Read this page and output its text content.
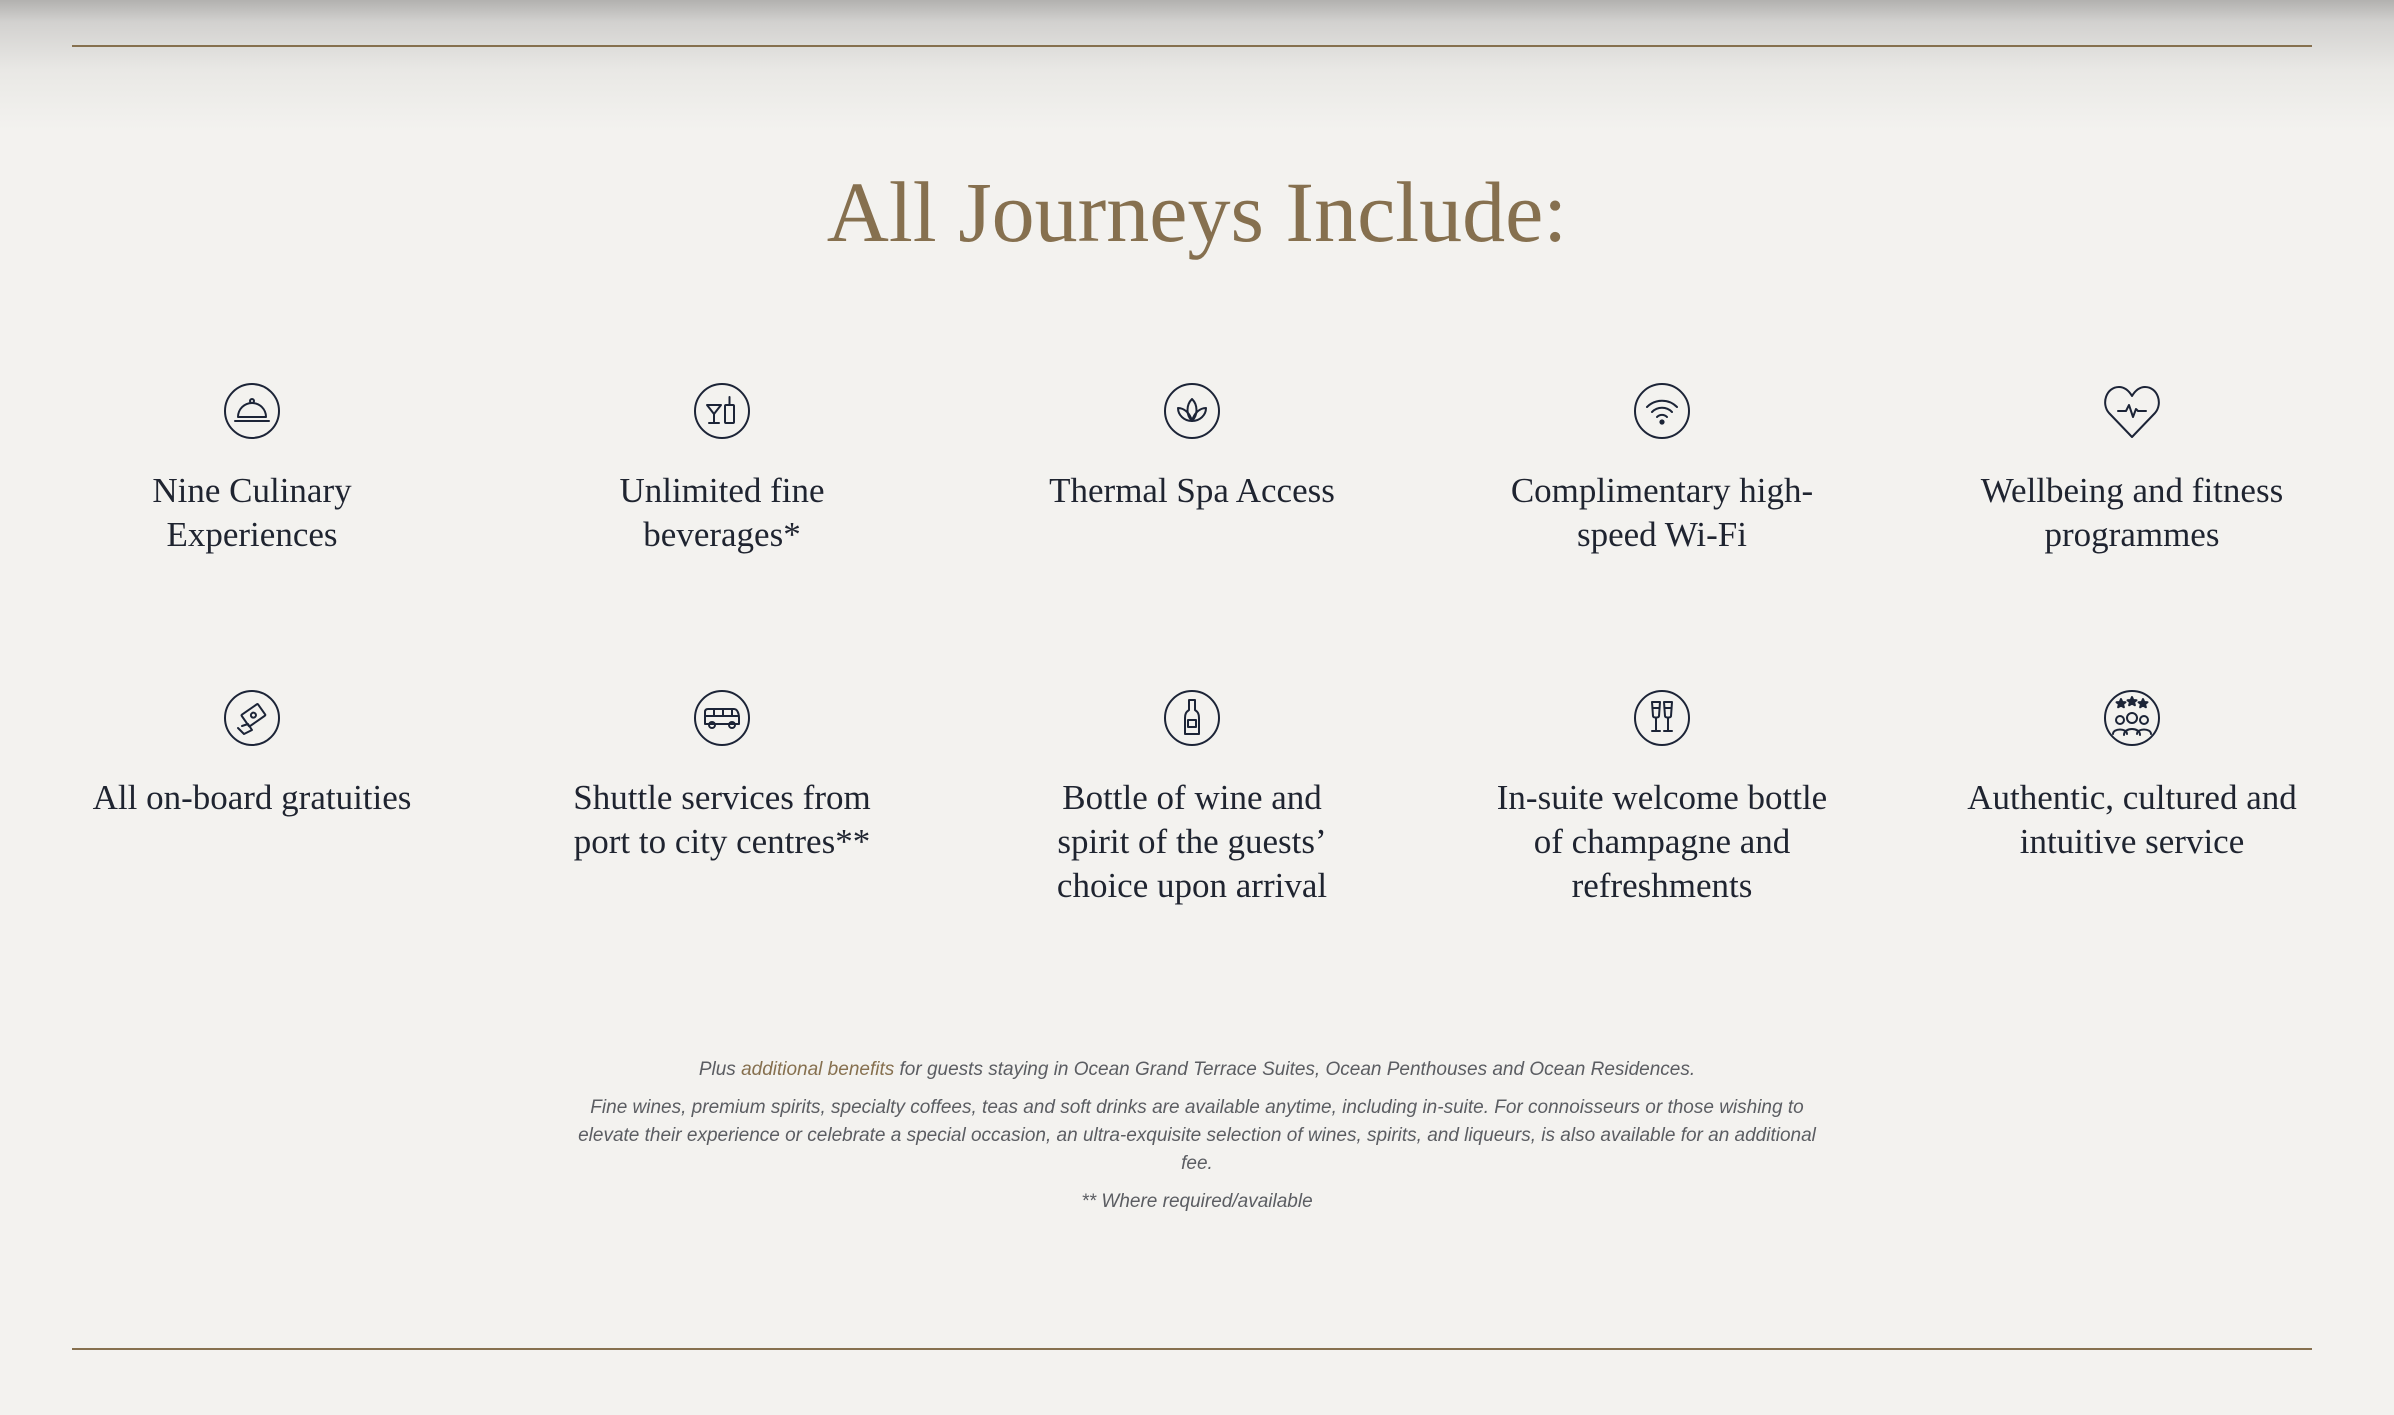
All Journeys Include:
Nine Culinary Experiences
Unlimited fine beverages*
Thermal Spa Access	Complimentary high-speed Wi-Fi
Wellbeing and fitness programmes
All on-board gratuities	Shuttle services from port to city centres**
Bottle of wine and spirit of the guests’ choice upon arrival
In-suite welcome bottle of champagne and refreshments
Authentic, cultured and intuitive service

Plus additional benefits for guests staying in Ocean Grand Terrace Suites, Ocean Penthouses and Ocean Residences.

Fine wines, premium spirits, specialty coffees, teas and soft drinks are available anytime, including in-suite. For connoisseurs or those wishing to elevate their experience or celebrate a special occasion, an ultra-exquisite selection of wines, spirits, and liqueurs, is also available for an additional fee.

** Where required/available
